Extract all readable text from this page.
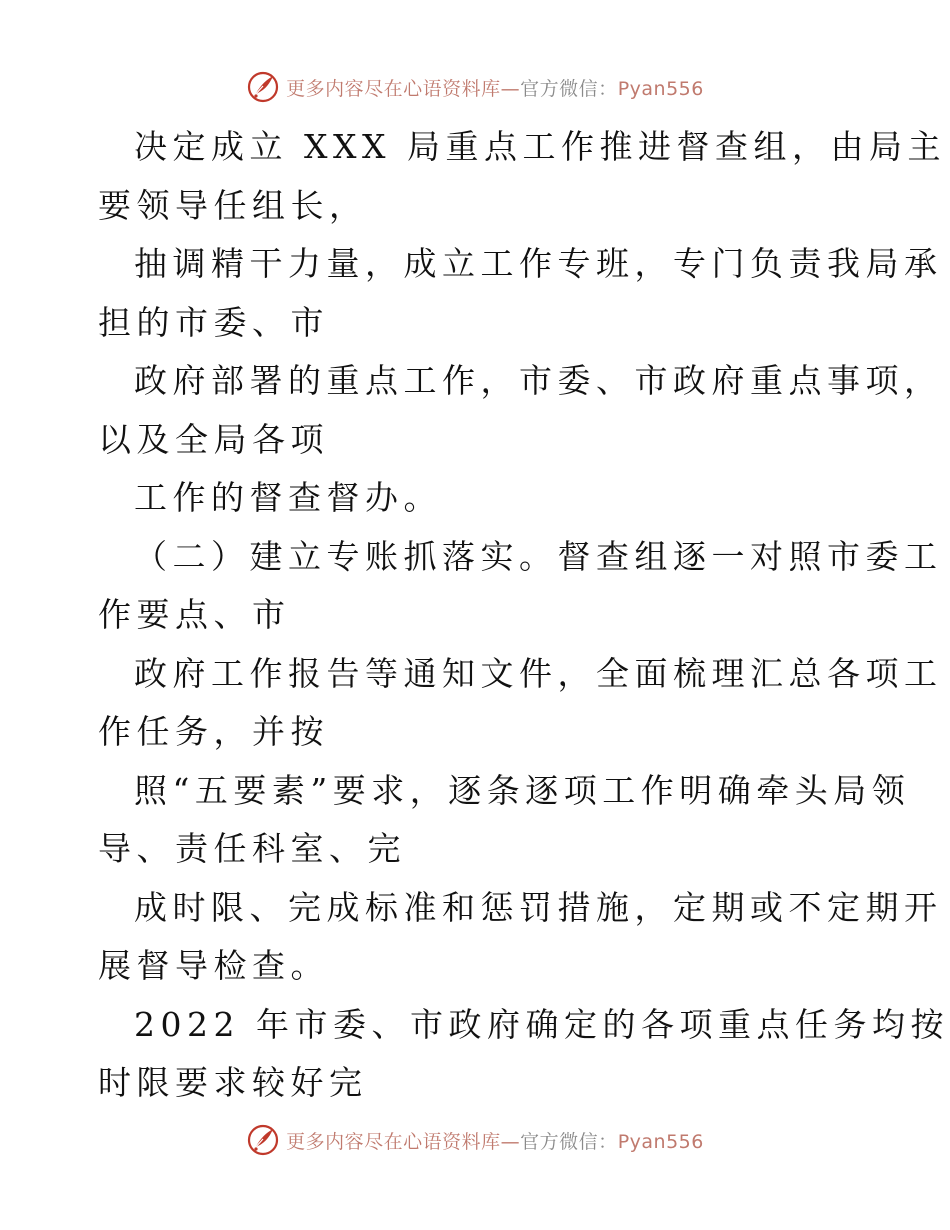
更多内容尽在心语资料库—官方微信：Pyan556
决定成立 XXX 局重点工作推进督查组，由局主
要领导任组长，
抽调精干力量，成立工作专班，专门负责我局承
担的市委、市
政府部署的重点工作，市委、市政府重点事项，
以及全局各项
工作的督查督办。
（二）建立专账抓落实。督查组逐一对照市委工
作要点、市
政府工作报告等通知文件，全面梳理汇总各项工
作任务，并按
照“五要素”要求，逐条逐项工作明确牵头局领
导、责任科室、完
成时限、完成标准和惩罚措施，定期或不定期开
展督导检查。
2022 年市委、市政府确定的各项重点任务均按
时限要求较好完
更多内容尽在心语资料库—官方微信：Pyan556
